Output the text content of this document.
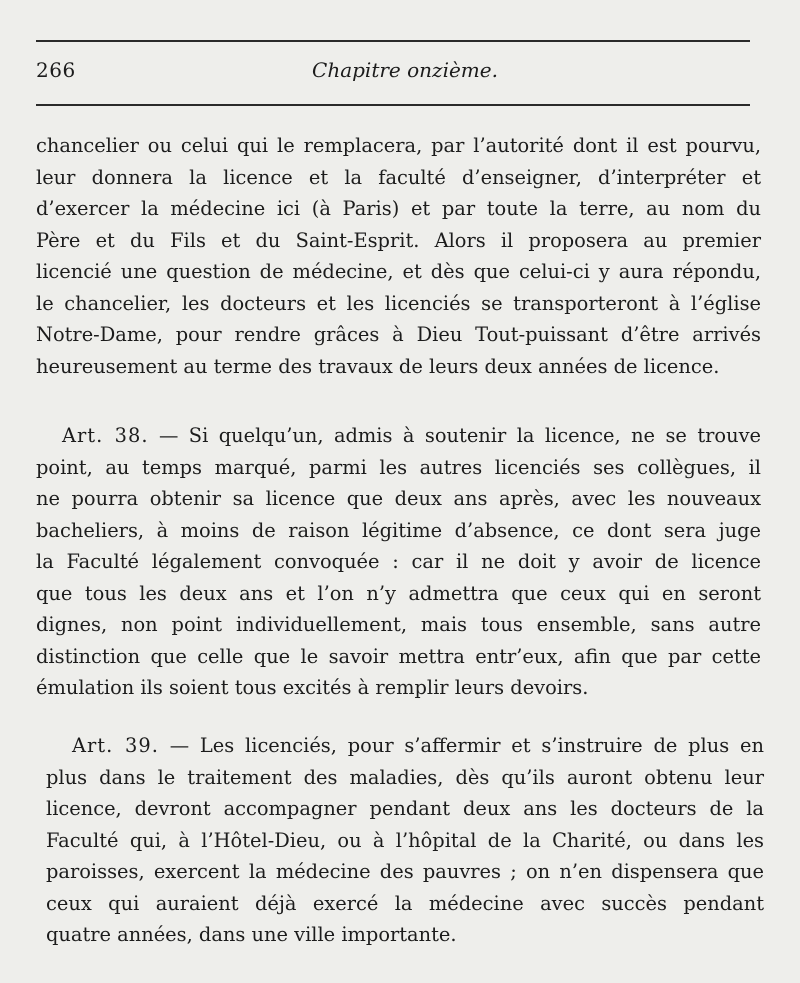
266	Chapitre onzième.
chancelier ou celui qui le remplacera, par l’autorité dont il est pourvu,
leur donnera la licence et la faculté d’enseigner, d’interpréter et
d’exercer la médecine ici (à Paris) et par toute la terre, au nom du
Père et du Fils et du Saint-Esprit. Alors il proposera au premier
licencié une question de médecine, et dès que celui-ci y aura répondu,
le chancelier, les docteurs et les licenciés se transporteront à l’église
Notre-Dame, pour rendre grâces à Dieu Tout-puissant d’être arrivés
heureusement au terme des travaux de leurs deux années de licence.
Art. 38. — Si quelqu’un, admis à soutenir la licence, ne se trouve
point, au temps marqué, parmi les autres licenciés ses collègues, il
ne pourra obtenir sa licence que deux ans après, avec les nouveaux
bacheliers, à moins de raison légitime d’absence, ce dont sera juge
la Faculté légalement convoquée : car il ne doit y avoir de licence
que tous les deux ans et l’on n’y admettra que ceux qui en seront
dignes, non point individuellement, mais tous ensemble, sans autre
distinction que celle que le savoir mettra entr’eux, afin que par cette
émulation ils soient tous excités à remplir leurs devoirs.
Art. 39. — Les licenciés, pour s’affermir et s’instruire de plus en
plus dans le traitement des maladies, dès qu’ils auront obtenu leur
licence, devront accompagner pendant deux ans les docteurs de la
Faculté qui, à l’Hôtel-Dieu, ou à l’hôpital de la Charité, ou dans les
paroisses, exercent la médecine des pauvres ; on n’en dispensera que
ceux qui auraient déjà exercé la médecine avec succès pendant
quatre années, dans une ville importante.
